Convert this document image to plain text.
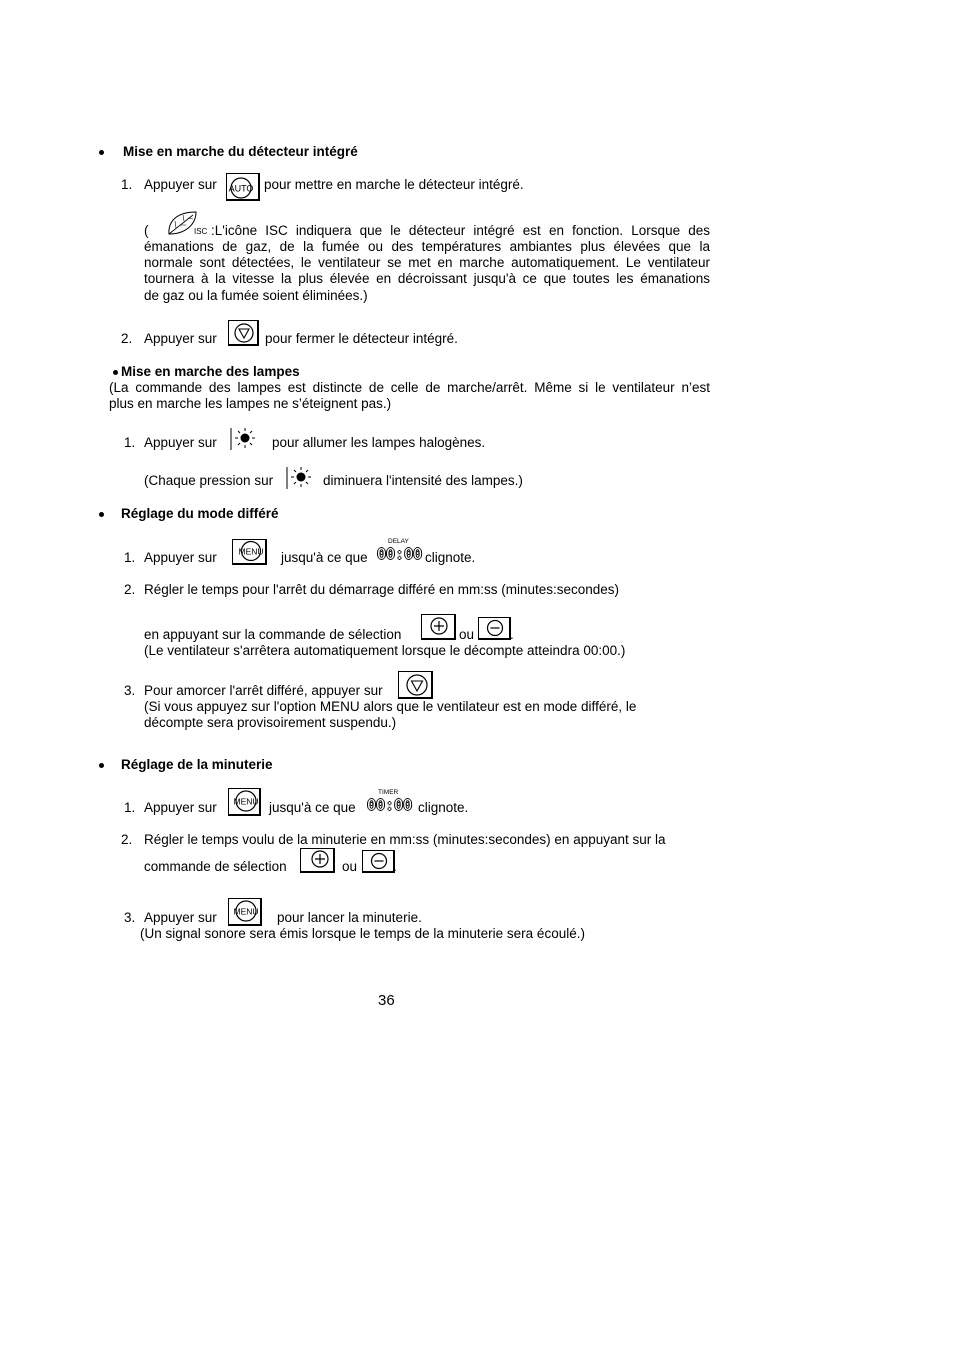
Mise en marche du détecteur intégré
1. Appuyer sur AUTO pour mettre en marche le détecteur intégré.
(	ISC :L'icône ISC indiquera que le détecteur intégré est en fonction. Lorsque des
émanations de gaz, de la fumée ou des températures ambiantes plus élevées que la
normale sont détectées, le ventilateur se met en marche automatiquement. Le ventilateur
tournera à la vitesse la plus élevée en décroissant jusqu'à ce que toutes les émanations
de gaz ou la fumée soient éliminées.)
2. Appuyer sur	pour fermer le détecteur intégré.
Mise en marche des lampes
(La commande des lampes est distincte de celle de marche/arrêt. Même si le ventilateur n’est
plus en marche les lampes ne s’éteignent pas.)
1. Appuyer sur	pour allumer les lampes halogènes.
(Chaque pression sur	diminuera l'intensité des lampes.)
Réglage du mode différé
1. Appuyer sur	MENU jusqu'à ce que
DELAY
00:00 clignote.
2. Régler le temps pour l'arrêt du démarrage différé en mm:ss (minutes:secondes)
en appuyant sur la commande de sélection	ou	.
(Le ventilateur s'arrêtera automatiquement lorsque le décompte atteindra 00:00.)
3. Pour amorcer l'arrêt différé, appuyer sur
(Si vous appuyez sur l'option MENU alors que le ventilateur est en mode différé, le
décompte sera provisoirement suspendu.)
Réglage de la minuterie
1. Appuyer sur MENU jusqu'à ce que
TIMER
00:00 clignote.
2. Régler le temps voulu de la minuterie en mm:ss (minutes:secondes) en appuyant sur la
commande de sélection	ou	.
3. Appuyer sur MENU pour lancer la minuterie.
(Un signal sonore sera émis lorsque le temps de la minuterie sera écoulé.)
36
